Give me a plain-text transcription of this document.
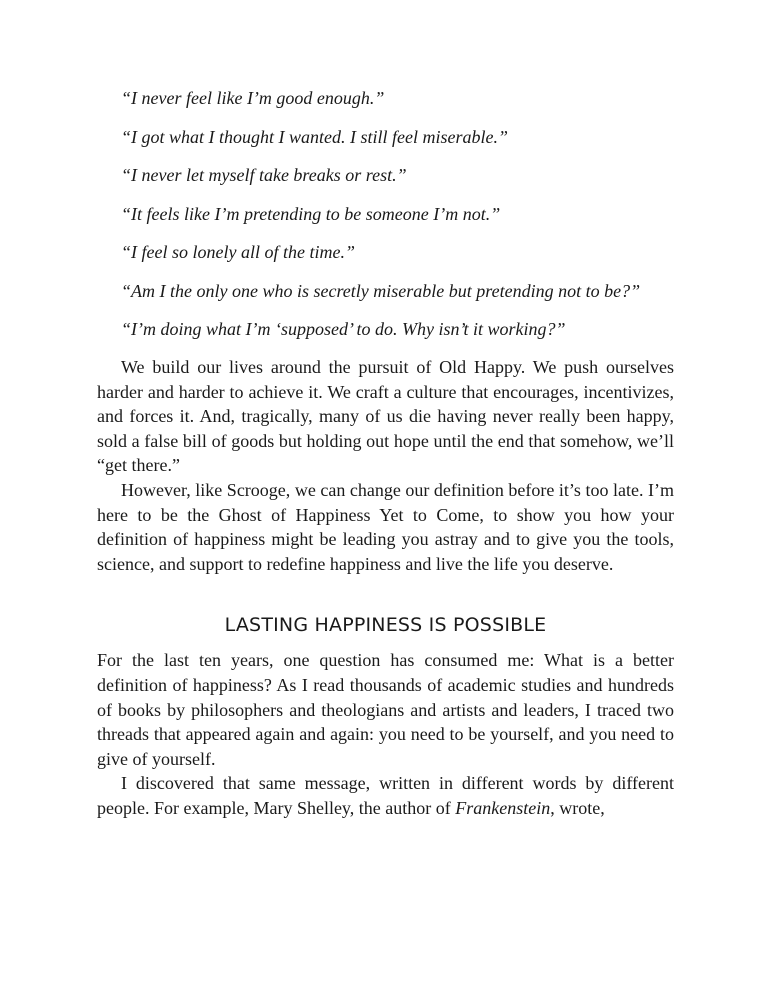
“I never feel like I’m good enough.”

“I got what I thought I wanted. I still feel miserable.”

“I never let myself take breaks or rest.”

“It feels like I’m pretending to be someone I’m not.”

“I feel so lonely all of the time.”

“Am I the only one who is secretly miserable but pretending not to be?”

“I’m doing what I’m ‘supposed’ to do. Why isn’t it working?”

We build our lives around the pursuit of Old Happy. We push ourselves harder and harder to achieve it. We craft a culture that encourages, incentivizes, and forces it. And, tragically, many of us die having never really been happy, sold a false bill of goods but holding out hope until the end that somehow, we’ll “get there.”

However, like Scrooge, we can change our definition before it’s too late. I’m here to be the Ghost of Happiness Yet to Come, to show you how your definition of happiness might be leading you astray and to give you the tools, science, and support to redefine happiness and live the life you deserve.

LASTING HAPPINESS IS POSSIBLE

For the last ten years, one question has consumed me: What is a better definition of happiness? As I read thousands of academic studies and hundreds of books by philosophers and theologians and artists and leaders, I traced two threads that appeared again and again: you need to be yourself, and you need to give of yourself.

I discovered that same message, written in different words by different people. For example, Mary Shelley, the author of Frankenstein, wrote,
